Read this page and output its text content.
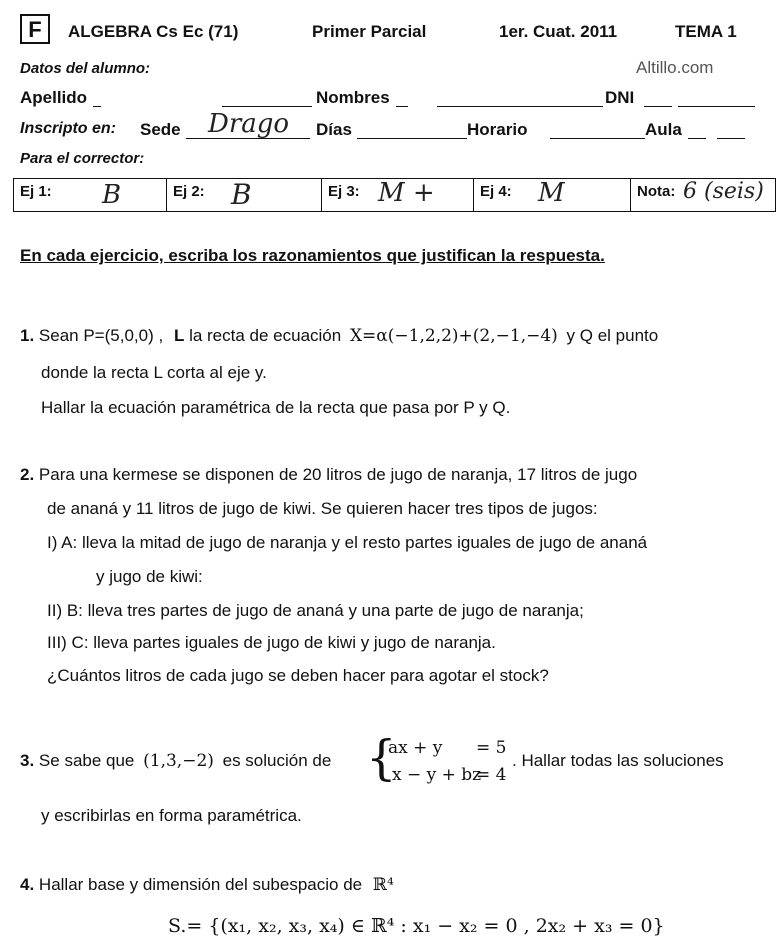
F	ALGEBRA Cs Ec (71)	Primer Parcial	1er. Cuat. 2011	TEMA 1
Datos del alumno:	Altillo.com
Apellido	Nombres	DNI
Inscripto en: Sede Drago Días	Horario	Aula
Para el corrector:
Ej 1: B	Ej 2: B	Ej 3: M +	Ej 4: M	Nota: 6 (seis)
En cada ejercicio, escriba los razonamientos que justifican la respuesta.
1. Sean P=(5,0,0) , L la recta de ecuación X=α(−1,2,2)+(2,−1,−4) y Q el punto
donde la recta L corta al eje y.
Hallar la ecuación paramétrica de la recta que pasa por P y Q.
2. Para una kermese se disponen de 20 litros de jugo de naranja, 17 litros de jugo
de ananá y 11 litros de jugo de kiwi. Se quieren hacer tres tipos de jugos:
I) A: lleva la mitad de jugo de naranja y el resto partes iguales de jugo de ananá
y jugo de kiwi:
II) B: lleva tres partes de jugo de ananá y una parte de jugo de naranja;
III) C: lleva partes iguales de jugo de kiwi y jugo de naranja.
¿Cuántos litros de cada jugo se deben hacer para agotar el stock?
3. Se sabe que (1,3,−2) es solución de {
ax + y = 5
x − y + bz
= 4
. Hallar todas las soluciones
y escribirlas en forma paramétrica.
4. Hallar base y dimensión del subespacio de ℝ⁴
S.= {(x₁, x₂, x₃, x₄) ∈ ℝ⁴ : x₁ − x₂ = 0 , 2x₂ + x₃ = 0}
